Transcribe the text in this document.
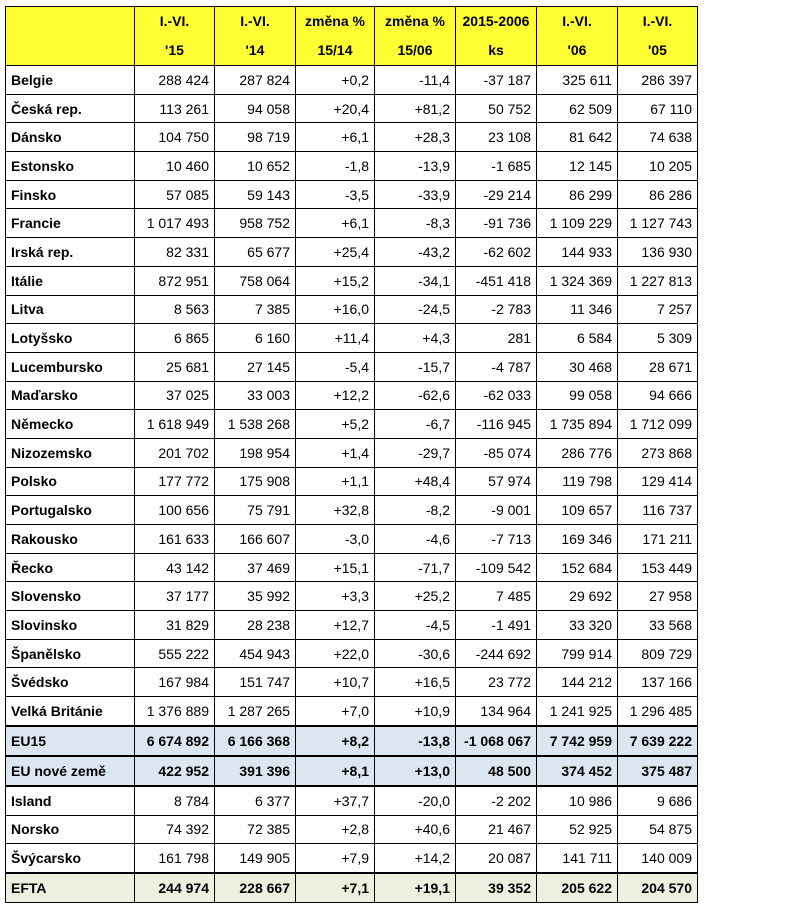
	I.-VI.	I.-VI.	změna %	změna %	2015-2006	I.-VI.	I.-VI.
	'15	'14	15/14	15/06	ks	'06	'05
Belgie	288 424	287 824	+0,2	-11,4	-37 187	325 611	286 397
Česká rep.	113 261	94 058	+20,4	+81,2	50 752	62 509	67 110
Dánsko	104 750	98 719	+6,1	+28,3	23 108	81 642	74 638
Estonsko	10 460	10 652	-1,8	-13,9	-1 685	12 145	10 205
Finsko	57 085	59 143	-3,5	-33,9	-29 214	86 299	86 286
Francie	1 017 493	958 752	+6,1	-8,3	-91 736	1 109 229	1 127 743
Irská rep.	82 331	65 677	+25,4	-43,2	-62 602	144 933	136 930
Itálie	872 951	758 064	+15,2	-34,1	-451 418	1 324 369	1 227 813
Litva	8 563	7 385	+16,0	-24,5	-2 783	11 346	7 257
Lotyšsko	6 865	6 160	+11,4	+4,3	281	6 584	5 309
Lucembursko	25 681	27 145	-5,4	-15,7	-4 787	30 468	28 671
Maďarsko	37 025	33 003	+12,2	-62,6	-62 033	99 058	94 666
Německo	1 618 949	1 538 268	+5,2	-6,7	-116 945	1 735 894	1 712 099
Nizozemsko	201 702	198 954	+1,4	-29,7	-85 074	286 776	273 868
Polsko	177 772	175 908	+1,1	+48,4	57 974	119 798	129 414
Portugalsko	100 656	75 791	+32,8	-8,2	-9 001	109 657	116 737
Rakousko	161 633	166 607	-3,0	-4,6	-7 713	169 346	171 211
Řecko	43 142	37 469	+15,1	-71,7	-109 542	152 684	153 449
Slovensko	37 177	35 992	+3,3	+25,2	7 485	29 692	27 958
Slovinsko	31 829	28 238	+12,7	-4,5	-1 491	33 320	33 568
Španělsko	555 222	454 943	+22,0	-30,6	-244 692	799 914	809 729
Švédsko	167 984	151 747	+10,7	+16,5	23 772	144 212	137 166
Velká Británie	1 376 889	1 287 265	+7,0	+10,9	134 964	1 241 925	1 296 485
EU15	6 674 892	6 166 368	+8,2	-13,8	-1 068 067	7 742 959	7 639 222
EU nové země	422 952	391 396	+8,1	+13,0	48 500	374 452	375 487
Island	8 784	6 377	+37,7	-20,0	-2 202	10 986	9 686
Norsko	74 392	72 385	+2,8	+40,6	21 467	52 925	54 875
Švýcarsko	161 798	149 905	+7,9	+14,2	20 087	141 711	140 009
EFTA	244 974	228 667	+7,1	+19,1	39 352	205 622	204 570
